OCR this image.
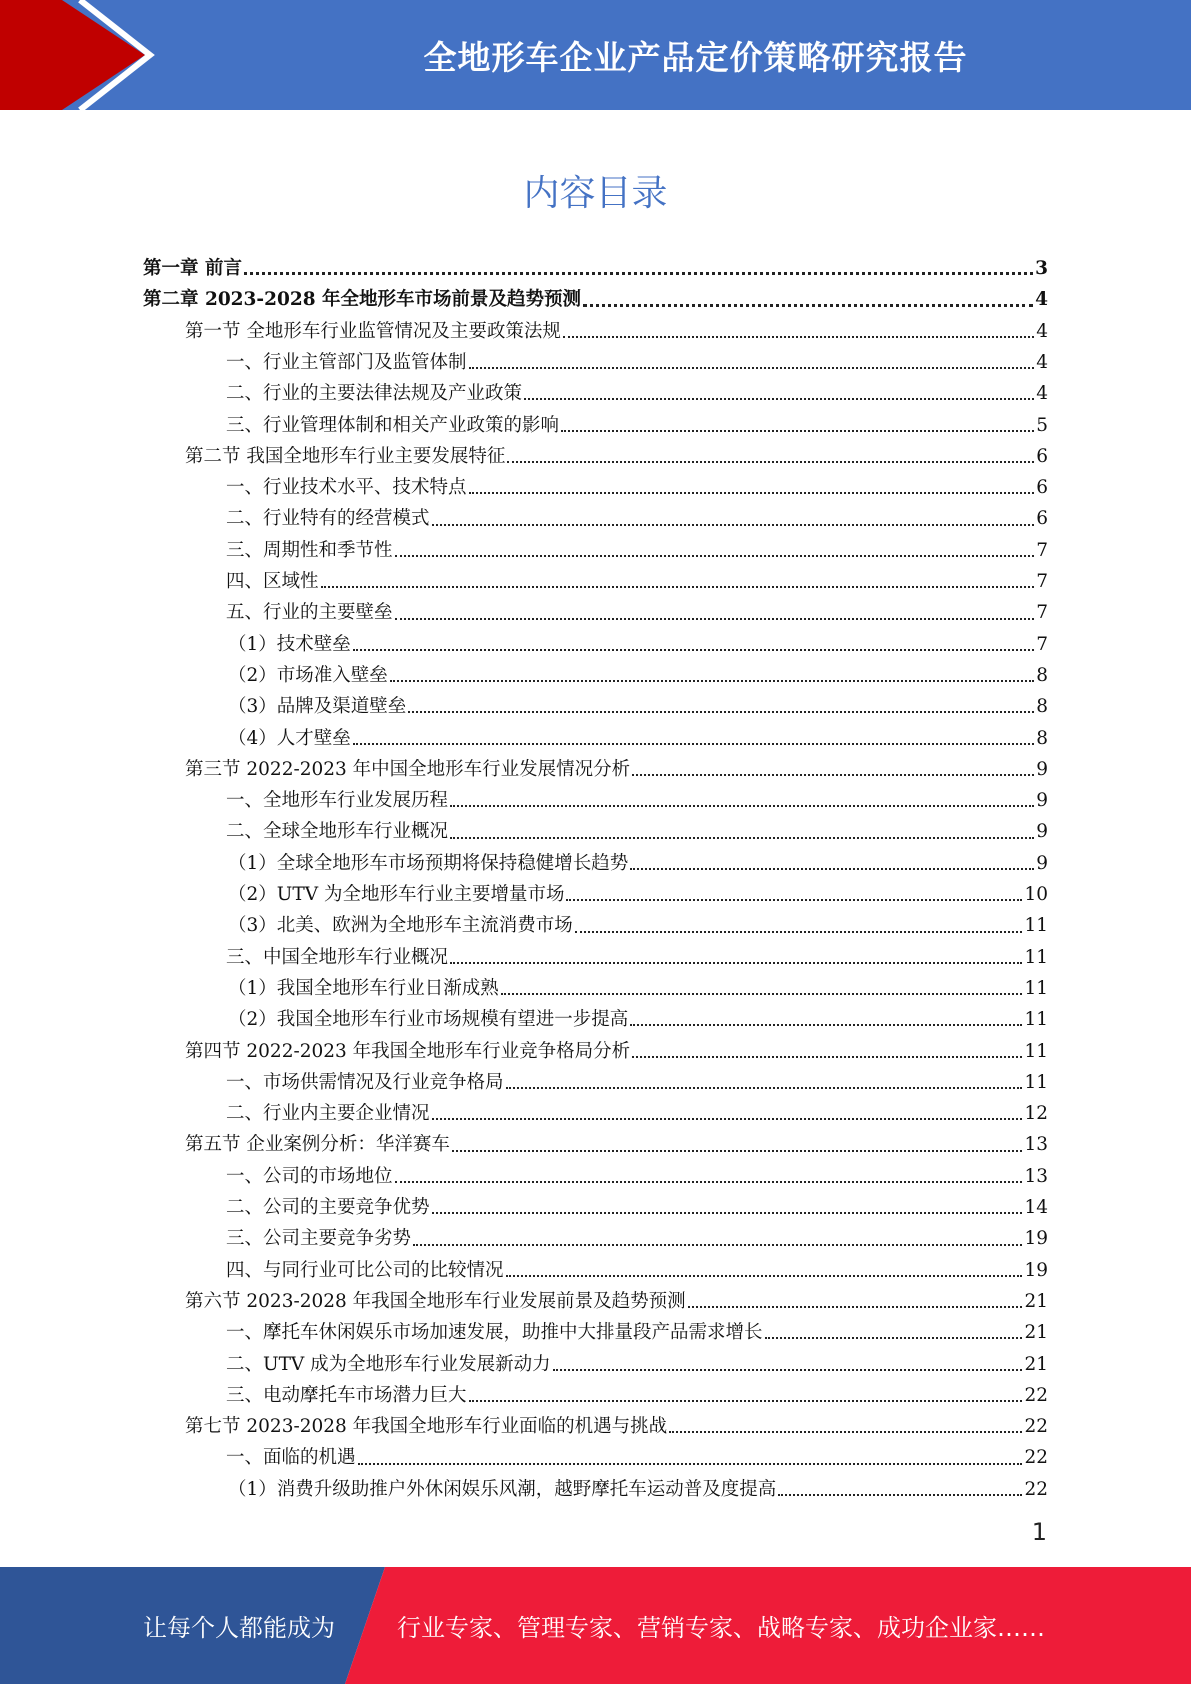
全地形车企业产品定价策略研究报告
内容目录
第一章 前言	3
第二章 2023-2028 年全地形车市场前景及趋势预测	4
第一节 全地形车行业监管情况及主要政策法规	4
一、行业主管部门及监管体制	4
二、行业的主要法律法规及产业政策	4
三、行业管理体制和相关产业政策的影响	5
第二节 我国全地形车行业主要发展特征	6
一、行业技术水平、技术特点	6
二、行业特有的经营模式	6
三、周期性和季节性	7
四、区域性	7
五、行业的主要壁垒	7
（1）技术壁垒	7
（2）市场准入壁垒	8
（3）品牌及渠道壁垒	8
（4）人才壁垒	8
第三节 2022-2023 年中国全地形车行业发展情况分析	9
一、全地形车行业发展历程	9
二、全球全地形车行业概况	9
（1）全球全地形车市场预期将保持稳健增长趋势	9
（2）UTV 为全地形车行业主要增量市场	10
（3）北美、欧洲为全地形车主流消费市场	11
三、中国全地形车行业概况	11
（1）我国全地形车行业日渐成熟	11
（2）我国全地形车行业市场规模有望进一步提高	11
第四节 2022-2023 年我国全地形车行业竞争格局分析	11
一、市场供需情况及行业竞争格局	11
二、行业内主要企业情况	12
第五节 企业案例分析：华洋赛车	13
一、公司的市场地位	13
二、公司的主要竞争优势	14
三、公司主要竞争劣势	19
四、与同行业可比公司的比较情况	19
第六节 2023-2028 年我国全地形车行业发展前景及趋势预测	21
一、摩托车休闲娱乐市场加速发展，助推中大排量段产品需求增长	21
二、UTV 成为全地形车行业发展新动力	21
三、电动摩托车市场潜力巨大	22
第七节 2023-2028 年我国全地形车行业面临的机遇与挑战	22
一、面临的机遇	22
（1）消费升级助推户外休闲娱乐风潮，越野摩托车运动普及度提高	22
1
让每个人都能成为	行业专家、管理专家、营销专家、战略专家、成功企业家……
